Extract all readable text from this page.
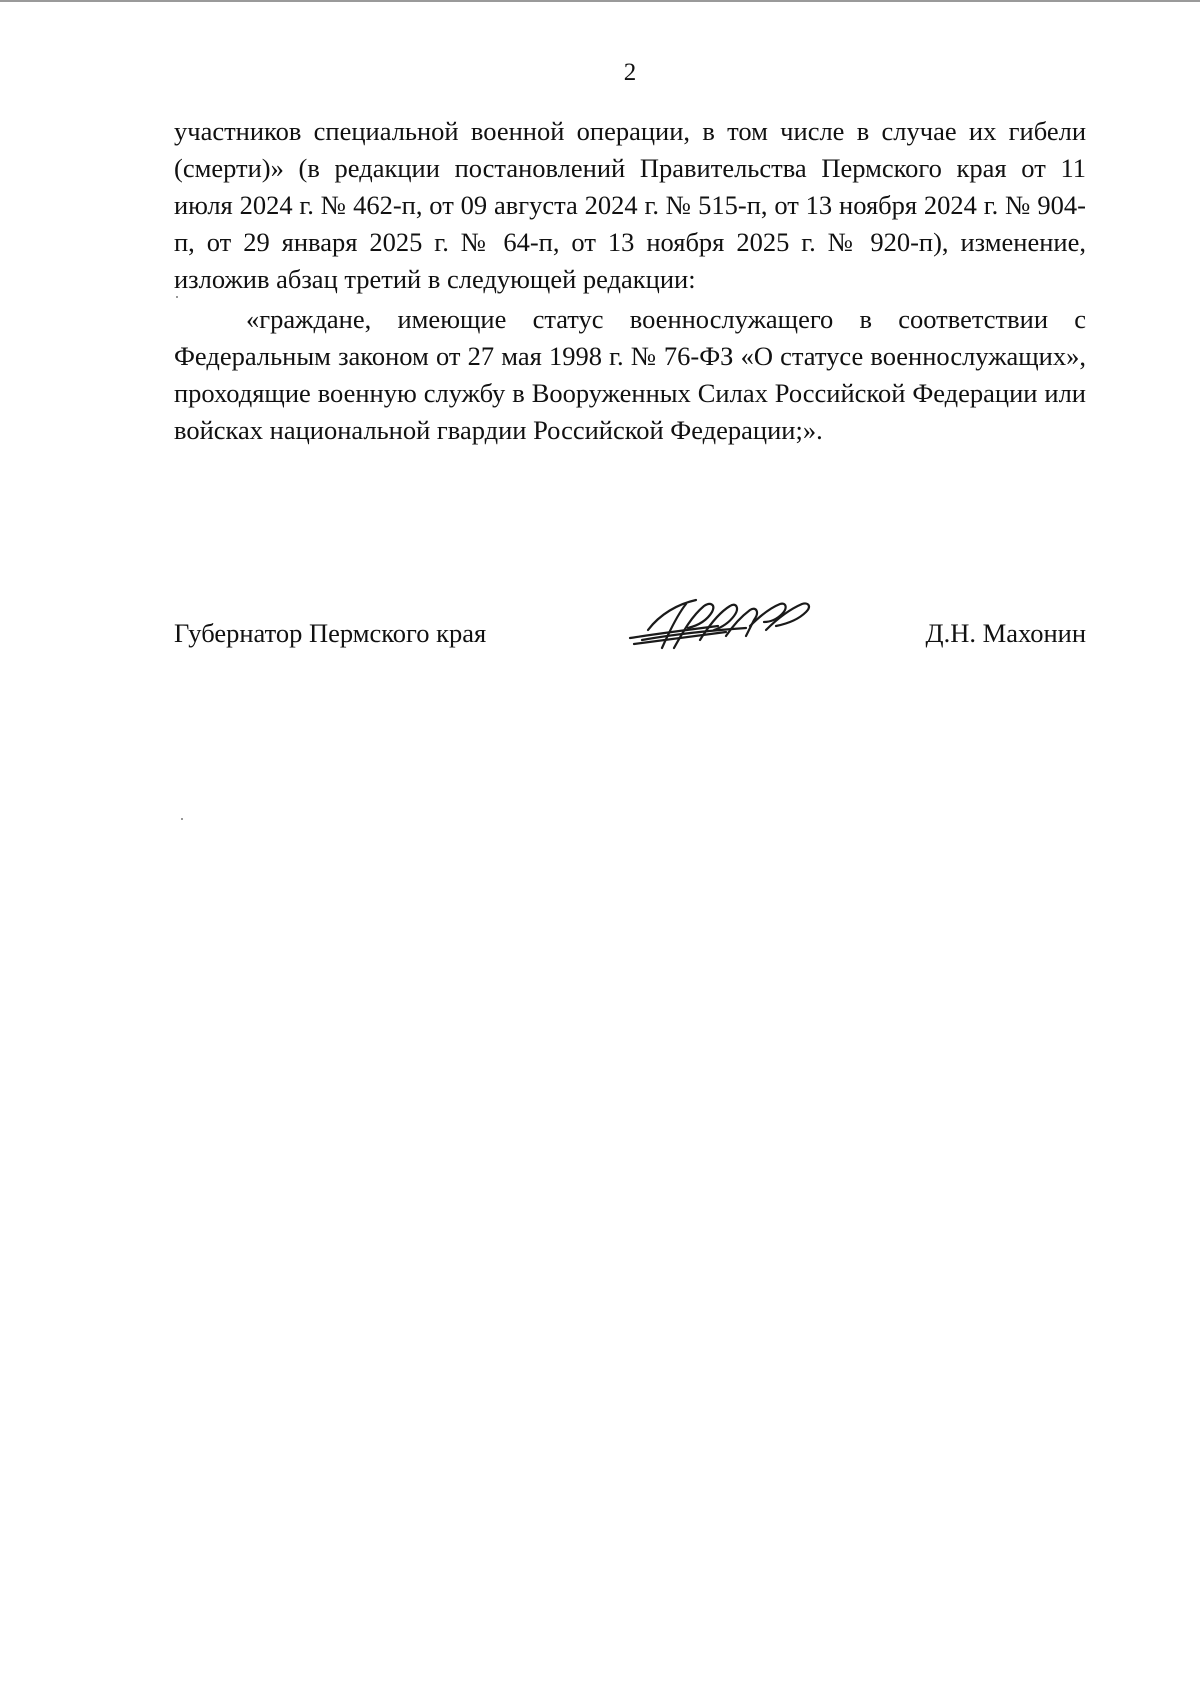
2

участников специальной военной операции, в том числе в случае их гибели (смерти)» (в редакции постановлений Правительства Пермского края от 11 июля 2024 г. № 462-п, от 09 августа 2024 г. № 515-п, от 13 ноября 2024 г. № 904-п, от 29 января 2025 г. № 64-п, от 13 ноября 2025 г. № 920-п), изменение, изложив абзац третий в следующей редакции:

«граждане, имеющие статус военнослужащего в соответствии с Федеральным законом от 27 мая 1998 г. № 76-ФЗ «О статусе военнослужащих», проходящие военную службу в Вооруженных Силах Российской Федерации или войсках национальной гвардии Российской Федерации;».

Губернатор Пермского края	Д.Н. Махонин
